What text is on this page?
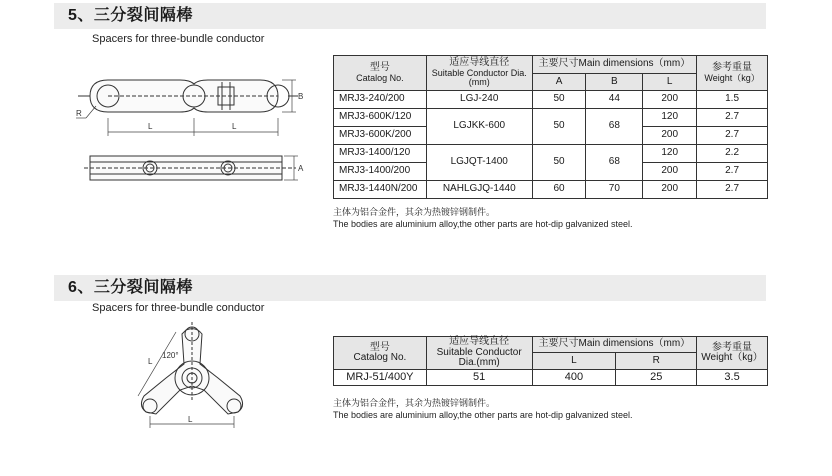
5、三分裂间隔棒
Spacers for three-bundle conductor
R
L	L
B
A
型号
Catalog No.	适应导线直径
Suitable Conductor Dia.(mm)	主要尺寸Main dimensions（mm）			参考重量
Weight（kg）

		A	B	L	
MRJ3-240/200	LGJ-240	50	44	200	1.5
MRJ3-600K/120	LGJKK-600	50	68	120	2.7
MRJ3-600K/200				200	2.7
MRJ3-1400/120	LGJQT-1400	50	68	120	2.2
MRJ3-1400/200				200	2.7
MRJ3-1440N/200	NAHLGJQ-1440	60	70	200	2.7
主体为铝合金件，其余为热镀锌钢制件。
The bodies are aluminium alloy,the other parts are hot-dip galvanized steel.
6、三分裂间隔棒
Spacers for three-bundle conductor
120°
L
L
型号
Catalog No.	适应导线直径
Suitable Conductor
Dia.(mm)	主要尺寸Main dimensions（mm）		参考重量
Weight（kg）

		L	R	
MRJ-51/400Y	51	400	25	3.5
主体为铝合金件，其余为热镀锌钢制件。
The bodies are aluminium alloy,the other parts are hot-dip galvanized steel.
